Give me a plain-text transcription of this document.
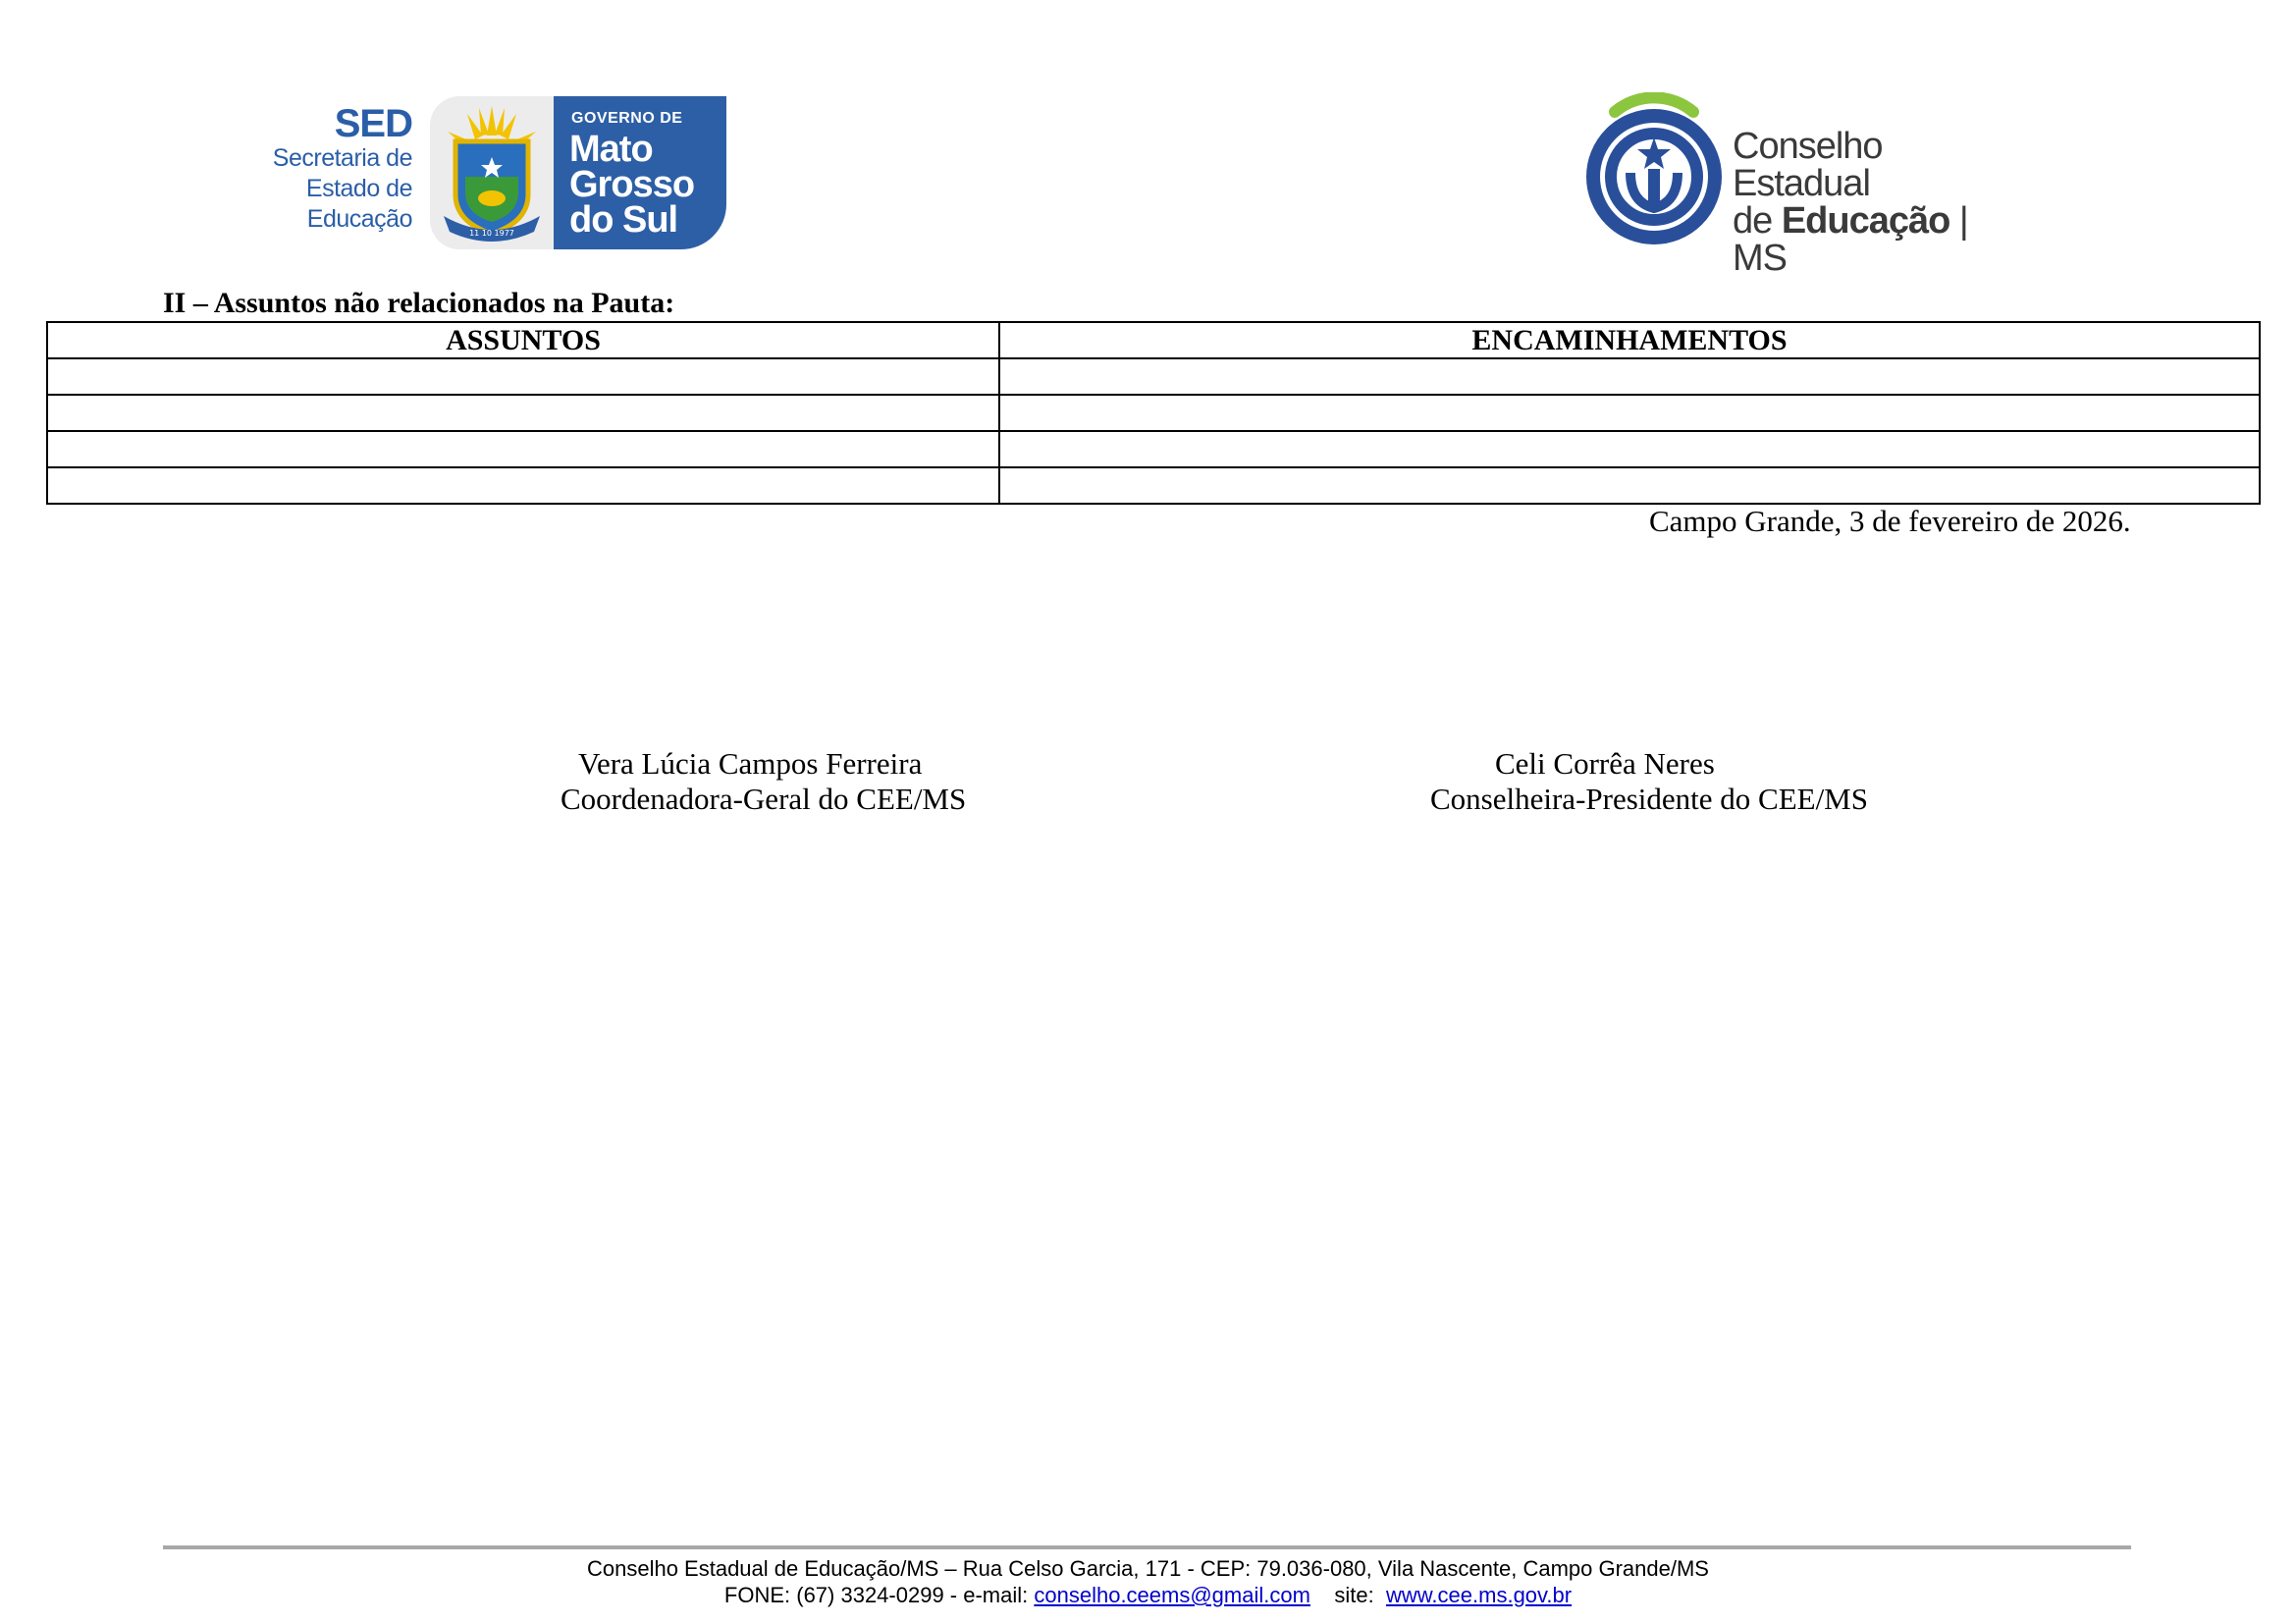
SED
Secretaria de
Estado de
Educação
11 10 1977
GOVERNO DE
Mato
Grosso
do Sul
Conselho Estadual
de Educação | MS
II – Assuntos não relacionados na Pauta:
ASSUNTOS	ENCAMINHAMENTOS

Campo Grande, 3 de fevereiro de 2026.
Vera Lúcia Campos Ferreira
Coordenadora-Geral do CEE/MS
Celi Corrêa Neres
Conselheira-Presidente do CEE/MS
Conselho Estadual de Educação/MS – Rua Celso Garcia, 171 - CEP: 79.036-080, Vila Nascente, Campo Grande/MS
FONE: (67) 3324-0299 - e-mail: conselho.ceems@gmail.com site:  www.cee.ms.gov.br
